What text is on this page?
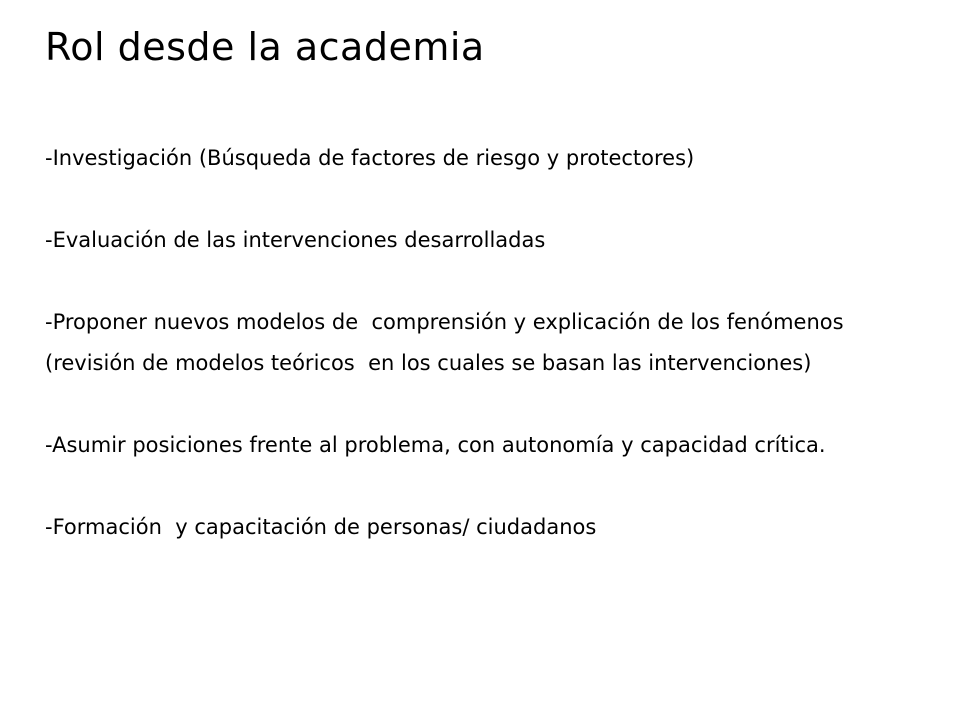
Rol desde la academia
-Investigación (Búsqueda de factores de riesgo y protectores)
-Evaluación de las intervenciones desarrolladas
-Proponer nuevos modelos de  comprensión y explicación de los fenómenos (revisión de modelos teóricos  en los cuales se basan las intervenciones)
-Asumir posiciones frente al problema, con autonomía y capacidad crítica.
-Formación  y capacitación de personas/ ciudadanos
